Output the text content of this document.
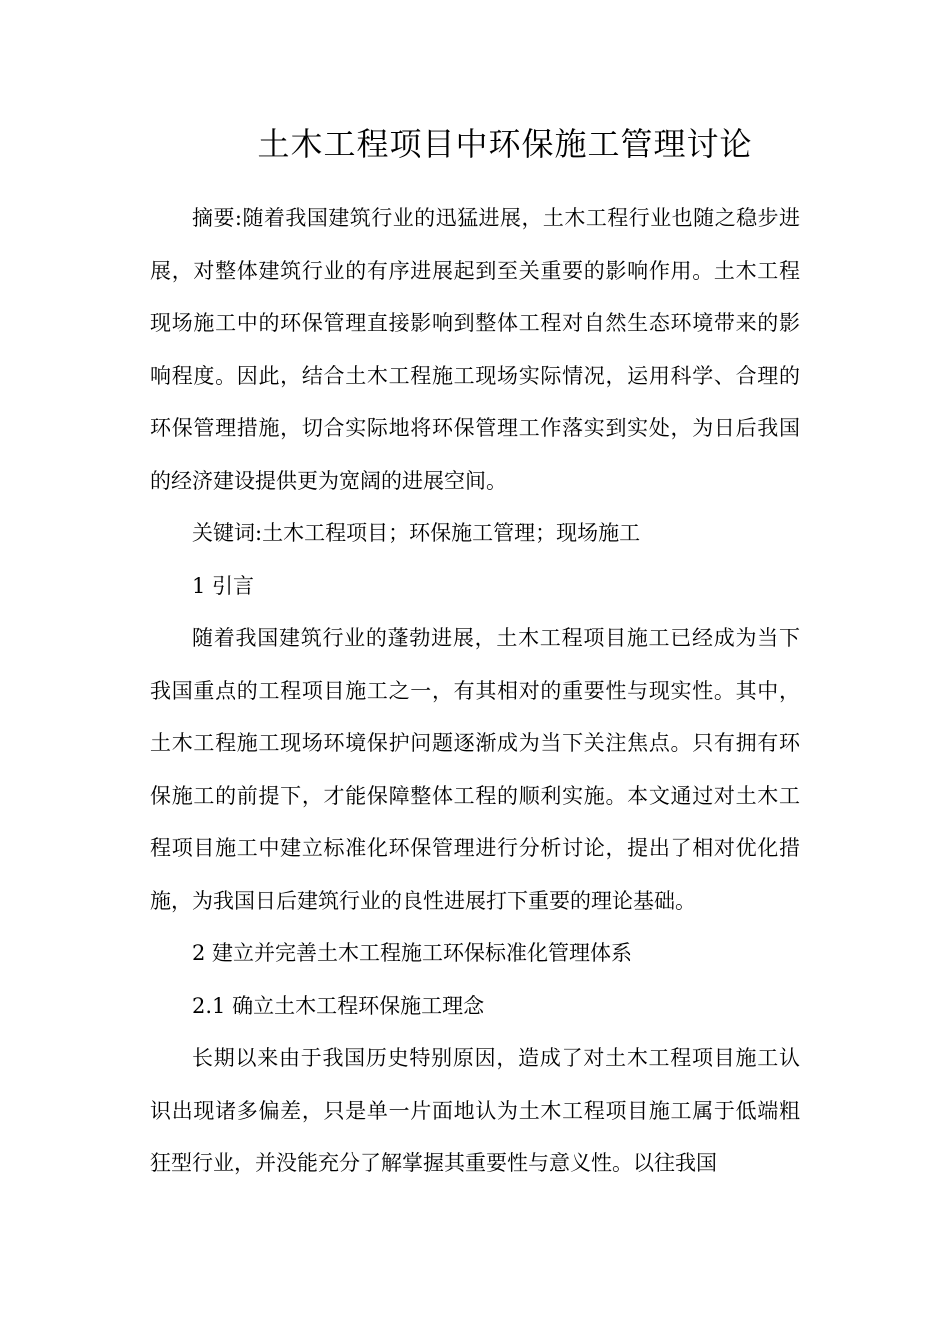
土木工程项目中环保施工管理讨论

摘要:随着我国建筑行业的迅猛进展，土木工程行业也随之稳步进展，对整体建筑行业的有序进展起到至关重要的影响作用。土木工程现场施工中的环保管理直接影响到整体工程对自然生态环境带来的影响程度。因此，结合土木工程施工现场实际情况，运用科学、合理的环保管理措施，切合实际地将环保管理工作落实到实处，为日后我国的经济建设提供更为宽阔的进展空间。

关键词:土木工程项目；环保施工管理；现场施工

1 引言

随着我国建筑行业的蓬勃进展，土木工程项目施工已经成为当下我国重点的工程项目施工之一，有其相对的重要性与现实性。其中，土木工程施工现场环境保护问题逐渐成为当下关注焦点。只有拥有环保施工的前提下，才能保障整体工程的顺利实施。本文通过对土木工程项目施工中建立标准化环保管理进行分析讨论，提出了相对优化措施，为我国日后建筑行业的良性进展打下重要的理论基础。

2 建立并完善土木工程施工环保标准化管理体系

2.1 确立土木工程环保施工理念

长期以来由于我国历史特别原因，造成了对土木工程项目施工认识出现诸多偏差，只是单一片面地认为土木工程项目施工属于低端粗狂型行业，并没能充分了解掌握其重要性与意义性。以往我国
